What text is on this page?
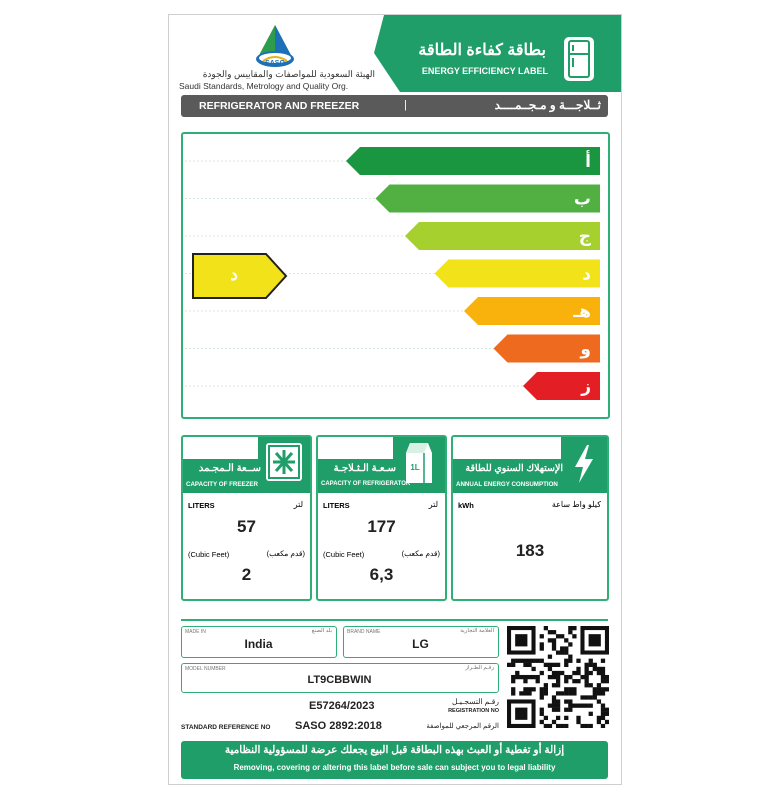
SASO
الهيئة السعودية للمواصفات والمقاييس والجودة
Saudi Standards, Metrology and Quality Org.
بطاقة كفاءة الطاقة
ENERGY EFFICIENCY LABEL
REFRIGERATOR AND FREEZER	|	ثــلاجـــة و مـجــمــــد
أ
ب
ج
د
هـ
و
ز
د
ســعة الـمجـمد
CAPACITY OF FREEZER
LITERS	لتر
57
(Cubic Feet)	(قدم مكعب)
2
1L
سـعـة الـثـلاجـة
CAPACITY OF REFRIGERATOR
LITERS	لتر
177
(Cubic Feet)	(قدم مكعب)
6,3
الإستهلاك السنوي للطاقة
ANNUAL ENERGY CONSUMPTION
kWh	كيلو واط ساعة
183
MADE IN	بلد الصنع
India
BRAND NAME	العلامة التجارية
LG
MODEL NUMBER	رقـم الطـراز
LT9CBBWIN
E57264/2023	رقـم التسجـيـل
REGISTRATION NO
STANDARD REFERENCE NO SASO 2892:2018	الرقم المرجعي للمواصفة
إزالة أو تغطية أو العبث بهذه البطاقة قبل البيع يجعلك عرضة للمسؤولية النظامية
Removing, covering or altering this label before sale can subject you to legal liability
